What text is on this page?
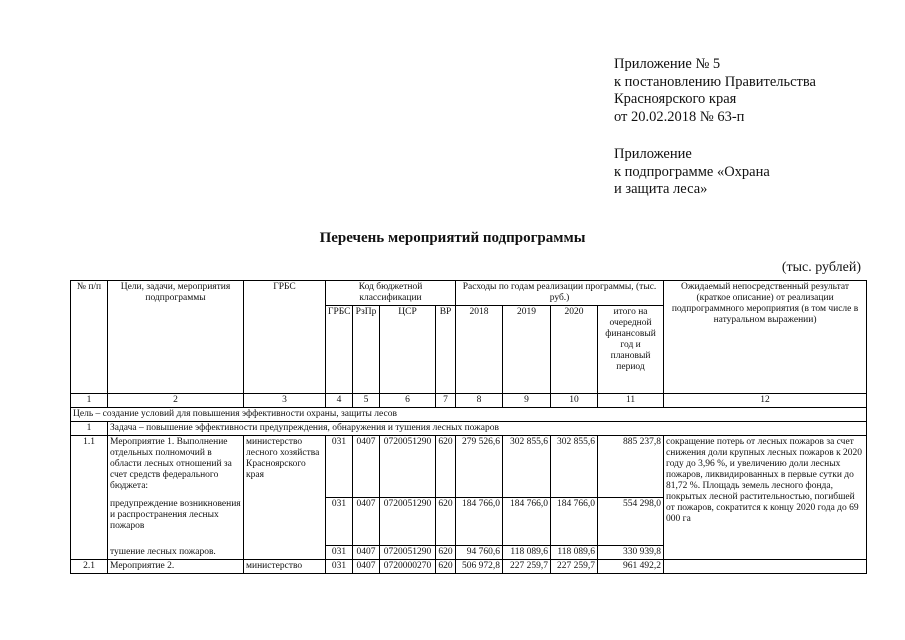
Приложение № 5
к постановлению Правительства
Красноярского края
от 20.02.2018 № 63-п
Приложение
к подпрограмме «Охрана
и защита леса»
Перечень мероприятий подпрограммы
(тыс. рублей)
№ п/п	Цели, задачи, мероприятия подпрограммы	ГРБС	Код бюджетной классификации				Расходы по годам реализации программы, (тыс. руб.)				Ожидаемый непосредственный результат (краткое описание) от реализации подпрограммного мероприятия (в том числе в натуральном выражении)
			ГРБС	РзПр	ЦСР	ВР	2018	2019	2020	итого на очередной финансовый год и плановый период	
1	2	3	4	5	6	7	8	9	10	11	12
Цель – создание условий для повышения эффективности охраны, защиты лесов											
1	Задача – повышение эффективности предупреждения, обнаружения и тушения лесных пожаров										
1.1	Мероприятие 1. Выполнение отдельных полномочий в области лесных отношений за счет средств федерального бюджета:	министерство лесного хозяйства Красноярского края	031	0407	0720051290	620	279 526,6	302 855,6	302 855,6	885 237,8	сокращение потерь от лесных пожаров за счет снижения доли крупных лесных пожаров к 2020 году до 3,96 %, и увеличению доли лесных пожаров, ликвидированных в первые сутки до 81,72 %. Площадь земель лесного фонда, покрытых лесной растительностью, погибшей от пожаров, сократится к концу 2020 года до 69 000 га
	предупреждение возникновения и распространения лесных пожаров		031	0407	0720051290	620	184 766,0	184 766,0	184 766,0	554 298,0	
	тушение лесных пожаров.		031	0407	0720051290	620	94 760,6	118 089,6	118 089,6	330 939,8	
2.1	Мероприятие 2.	министерство	031	0407	0720000270	620	506 972,8	227 259,7	227 259,7	961 492,2	
